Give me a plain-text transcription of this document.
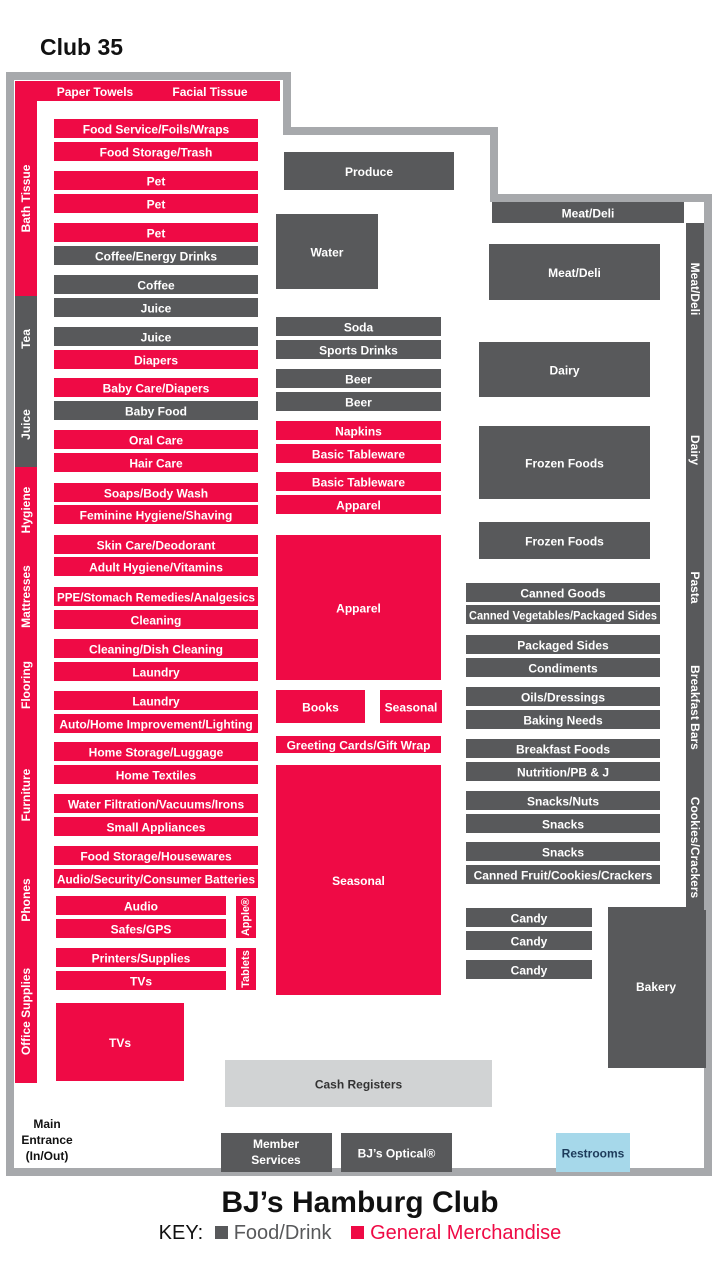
Club 35
Paper Towels	Facial Tissue
Bath Tissue
Tea
Juice
Hygiene
Mattresses
Flooring
Furniture
Phones
Office Supplies
Meat/Deli
Meat/Deli
Dairy
Pasta
Breakfast Bars
Cookies/Crackers
Food Service/Foils/Wraps
Food Storage/Trash
Pet
Pet
Pet
Coffee/Energy Drinks
Coffee
Juice
Juice
Diapers
Baby Care/Diapers
Baby Food
Oral Care
Hair Care
Soaps/Body Wash
Feminine Hygiene/Shaving
Skin Care/Deodorant
Adult Hygiene/Vitamins
PPE/Stomach Remedies/Analgesics
Cleaning
Cleaning/Dish Cleaning
Laundry
Laundry
Auto/Home Improvement/Lighting
Home Storage/Luggage
Home Textiles
Water Filtration/Vacuums/Irons
Small Appliances
Food Storage/Housewares
Audio/Security/Consumer Batteries
Audio
Safes/GPS
Printers/Supplies
TVs
Apple®
Tablets
TVs
Produce
Water
Soda
Sports Drinks
Beer
Beer
Napkins
Basic Tableware
Basic Tableware
Apparel
Apparel
Books	Seasonal
Greeting Cards/Gift Wrap
Seasonal
Meat/Deli
Dairy
Frozen Foods
Frozen Foods
Canned Goods
Canned Vegetables/Packaged Sides
Packaged Sides
Condiments
Oils/Dressings
Baking Needs
Breakfast Foods
Nutrition/PB & J
Snacks/Nuts
Snacks
Snacks
Canned Fruit/Cookies/Crackers
Candy
Candy
Candy
Bakery
Cash Registers
Member
Services	BJ’s Optical®	Restrooms
Main
Entrance
(In/Out)
BJ’s Hamburg Club
KEY: Food/Drink General Merchandise
